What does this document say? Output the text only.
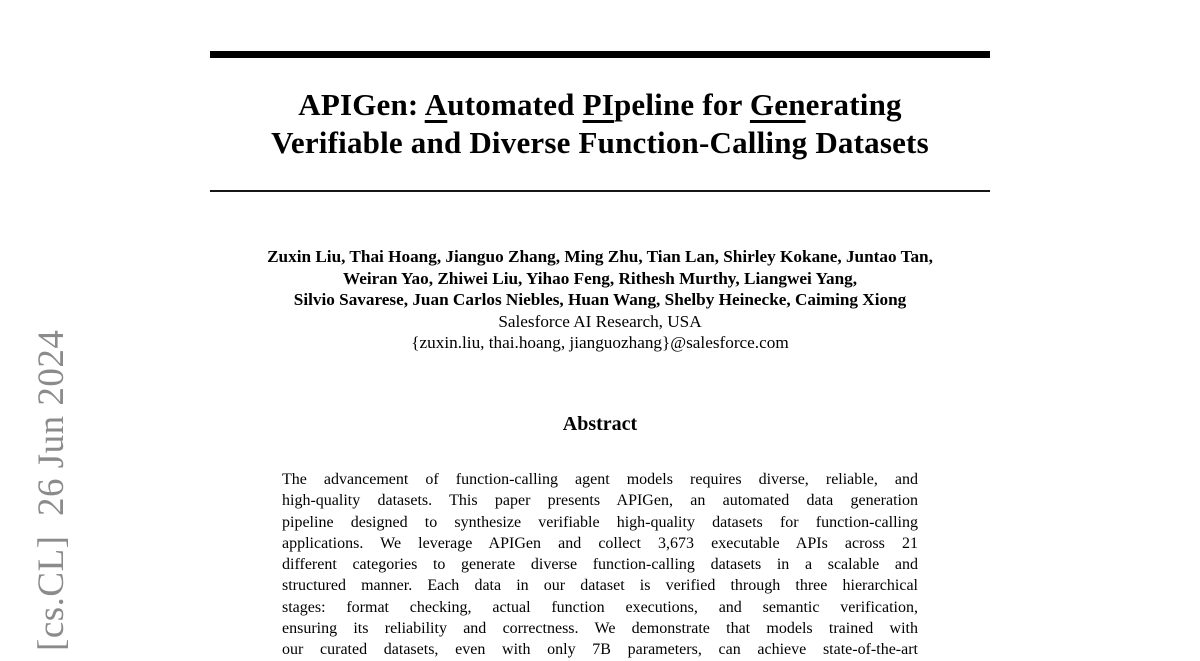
[cs.CL]  26 Jun 2024
APIGen: Automated PIpeline for Generating
Verifiable and Diverse Function-Calling Datasets
Zuxin Liu, Thai Hoang, Jianguo Zhang, Ming Zhu, Tian Lan, Shirley Kokane, Juntao Tan,
Weiran Yao, Zhiwei Liu, Yihao Feng, Rithesh Murthy, Liangwei Yang,
Silvio Savarese, Juan Carlos Niebles, Huan Wang, Shelby Heinecke, Caiming Xiong
Salesforce AI Research, USA
{zuxin.liu, thai.hoang, jianguozhang}@salesforce.com
Abstract
The advancement of function-calling agent models requires diverse, reliable, and
high-quality datasets. This paper presents APIGen, an automated data generation
pipeline designed to synthesize verifiable high-quality datasets for function-calling
applications. We leverage APIGen and collect 3,673 executable APIs across 21
different categories to generate diverse function-calling datasets in a scalable and
structured manner. Each data in our dataset is verified through three hierarchical
stages: format checking, actual function executions, and semantic verification,
ensuring its reliability and correctness. We demonstrate that models trained with
our curated datasets, even with only 7B parameters, can achieve state-of-the-art
